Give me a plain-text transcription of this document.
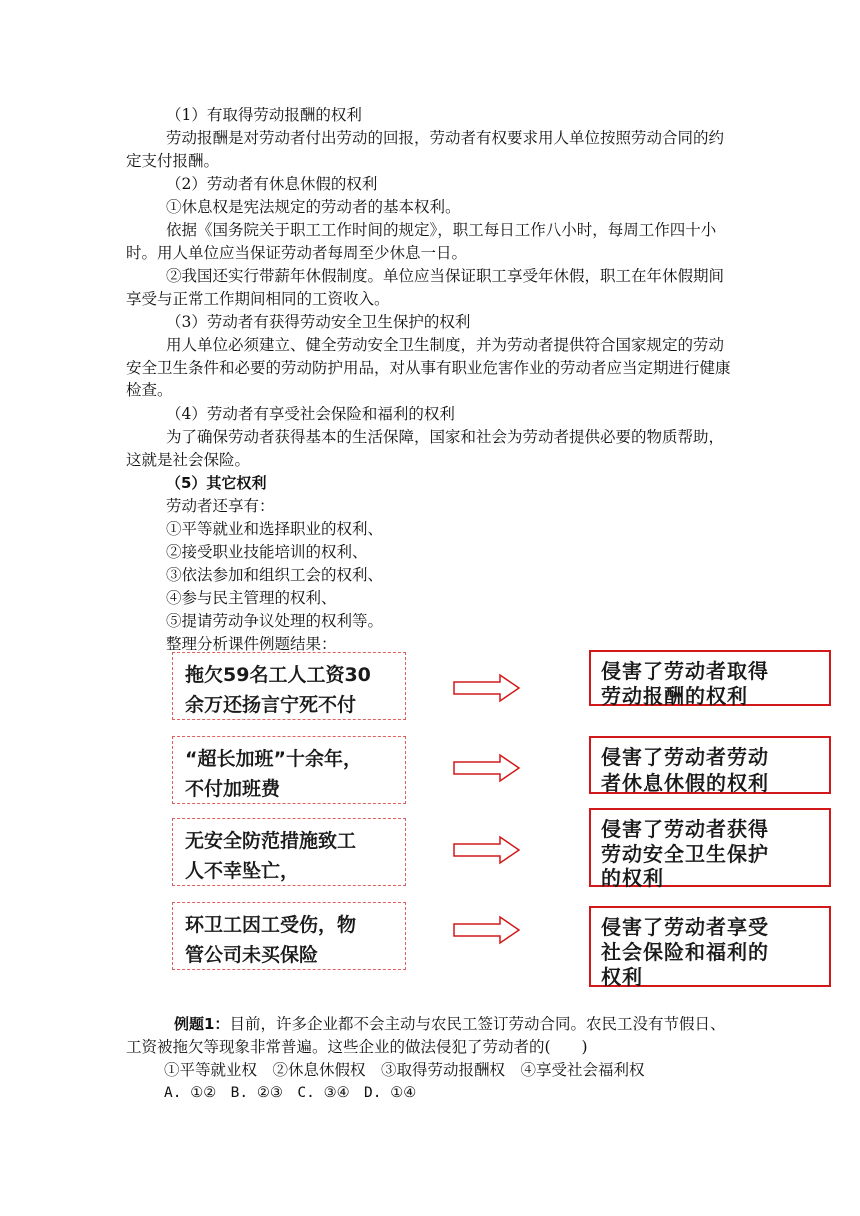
（1）有取得劳动报酬的权利

劳动报酬是对劳动者付出劳动的回报，劳动者有权要求用人单位按照劳动合同的约定支付报酬。

（2）劳动者有休息休假的权利
①休息权是宪法规定的劳动者的基本权利。

依据《国务院关于职工工作时间的规定》，职工每日工作八小时，每周工作四十小时。用人单位应当保证劳动者每周至少休息一日。

②我国还实行带薪年休假制度。单位应当保证职工享受年休假，职工在年休假期间享受与正常工作期间相同的工资收入。

（3）劳动者有获得劳动安全卫生保护的权利

用人单位必须建立、健全劳动安全卫生制度，并为劳动者提供符合国家规定的劳动安全卫生条件和必要的劳动防护用品，对从事有职业危害作业的劳动者应当定期进行健康检查。

（4）劳动者有享受社会保险和福利的权利

为了确保劳动者获得基本的生活保障，国家和社会为劳动者提供必要的物质帮助，这就是社会保险。

（5）其它权利
劳动者还享有：
①平等就业和选择职业的权利、
②接受职业技能培训的权利、
③依法参加和组织工会的权利、
④参与民主管理的权利、
⑤提请劳动争议处理的权利等。
整理分析课件例题结果：
拖欠59名工人工资30
余万还扬言宁死不付
侵害了劳动者取得
劳动报酬的权利
“超长加班”十余年，
不付加班费
侵害了劳动者劳动
者休息休假的权利
无安全防范措施致工
人不幸坠亡，
侵害了劳动者获得
劳动安全卫生保护
的权利
环卫工因工受伤，物
管公司未买保险
侵害了劳动者享受
社会保险和福利的
权利

例题1：目前，许多企业都不会主动与农民工签订劳动合同。农民工没有节假日、工资被拖欠等现象非常普遍。这些企业的做法侵犯了劳动者的(　　)

①平等就业权　②休息休假权　③取得劳动报酬权　④享受社会福利权
A. ①②　B. ②③　C. ③④　D. ①④
